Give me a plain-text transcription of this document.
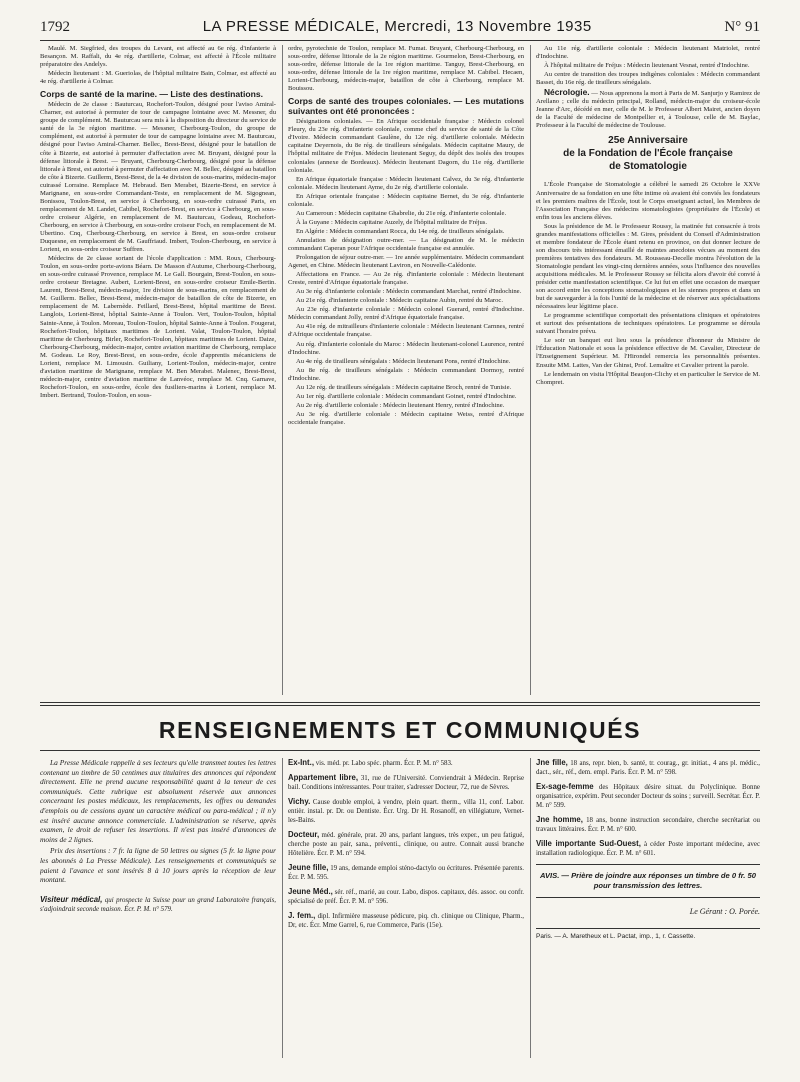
1792	LA PRESSE MÉDICALE, Mercredi, 13 Novembre 1935	N° 91

Maulé. M. Siegfried, des troupes du Levant, est affecté au 6e rég. d'infanterie à Besançon. M. Raffali, du 4e rég. d'artillerie, Colmar, est affecté à l'École militaire préparatoire des Andelys.

Médecin lieutenant : M. Gueriolas, de l'hôpital militaire Bain, Colmar, est affecté au 4e rég. d'artillerie à Colmar.

Corps de santé de la marine. — Liste des destinations.

Médecin de 2e classe : Bauturcau, Rochefort-Toulon, désigné pour l'aviso Amiral-Charner, est autorisé à permuter de tour de campagne lointaine avec M. Messner, du groupe de complément. M. Bauturcau sera mis à la disposition du directeur du service de santé de la 3e région maritime. — Messner, Cherbourg-Toulon, du groupe de complément, est autorisé à permuter de tour de campagne lointaine avec M. Bauturcau, désigné pour l'aviso Amiral-Charner. Bellec, Brest-Brest, désigné pour le bataillon de côte à Bizerte, est autorisé à permuter d'affectation avec M. Bruyant, désigné pour la défense littorale à Brest. — Bruyant, Cherbourg-Cherbourg, désigné pour la défense littorale à Brest, est autorisé à permuter d'affectation avec M. Bellec, désigné au bataillon de côte à Bizerte. Guillerm, Brest-Brest, de la 4e division de sous-marins, médecin-major cuirassé Lorraine. Remplace M. Hebraud. Ben Merabet, Bizerte-Brest, en service à Marignane, en sous-ordre Commandant-Teste, en remplacement de M. Sigognean, Bonissou, Toulon-Brest, en service à Cherbourg, en sous-ordre cuirassé Paris, en remplacement de M. Landet, Cabibel, Rochefort-Brest, en service à Cherbourg, en sous-ordre croiseur Algérie, en remplacement de M. Bauturcau, Godeau, Rochefort-Cherbourg, en service à Cherbourg, en sous-ordre croiseur Foch, en remplacement de M. Ubertino. Cnq, Cherbourg-Cherbourg, en service à Brest, en sous-ordre croiseur Duquesne, en remplacement de M. Gauffriaud. Imbert, Toulon-Cherbourg, en service à Lorient, en sous-ordre croiseur Suffren.

Médecins de 2e classe sortant de l'école d'application : MM. Roux, Cherbourg-Toulon, en sous-ordre porte-avions Béarn. De Masson d'Autume, Cherbourg-Cherbourg, en sous-ordre cuirassé Provence, remplace M. Le Gall. Bourgain, Brest-Toulon, en sous-ordre croiseur Bretagne. Aubert, Lorient-Brest, en sous-ordre croiseur Emile-Bertin. Laurent, Brest-Brest, médecin-major, 1re division de sous-marins, en remplacement de M. Guillerm. Bellec, Brest-Brest, médecin-major de bataillon de côte de Bizerte, en remplacement de M. Labernède. Feillard, Brest-Brest, hôpital maritime de Brest. Langlois, Lorient-Brest, hôpital Sainte-Anne à Toulon. Vert, Toulon-Toulon, hôpital Sainte-Anne, à Toulon. Moreau, Toulon-Toulon, hôpital Sainte-Anne à Toulon. Fougerat, Rochefort-Toulon, hôpitaux maritimes de Lorient. Valat, Toulon-Toulon, hôpital maritime de Cherbourg. Birler, Rochefort-Toulon, hôpitaux maritimes de Lorient. Daize, Cherbourg-Cherbourg, médecin-major, centre aviation maritime de Cherbourg, remplace M. Godeau. Le Roy, Brest-Brest, en sous-ordre, école d'apprentis mécaniciens de Lorient, remplace M. Limousin. Guiliany, Lorient-Toulon, médecin-major, centre d'aviation maritime de Marignane, remplace M. Ben Merabet. Malenec, Brest-Brest, médecin-major, centre d'aviation maritime de Lanvéoc, remplace M. Cnq. Garnave, Rochefort-Toulon, en sous-ordre, école des fusiliers-marins à Lorient, remplace M. Imbert. Bertrand, Toulon-Toulon, en sous-

ordre, pyrotechnie de Toulon, remplace M. Fumat. Bruyant, Cherbourg-Cherbourg, en sous-ordre, défense littorale de la 2e région maritime. Gourmelon, Brest-Cherbourg, en sous-ordre, défense littorale de la 1re région maritime. Tanguy, Brest-Cherbourg, en sous-ordre, défense littorale de la 1re région maritime, remplace M. Cabibel. Hecaen, Lorient-Cherbourg, médecin-major, bataillon de côte à Cherbourg, remplace M. Bouissou.

Corps de santé des troupes coloniales. — Les mutations suivantes ont été prononcées :

Désignations coloniales. — En Afrique occidentale française : Médecin colonel Fleury, du 23e rég. d'infanterie coloniale, comme chef du service de santé de la Côte d'Ivoire. Médecin commandant Gaulène, du 12e rég. d'artillerie coloniale. Médecin capitaine Deyernois, du 8e rég. de tirailleurs sénégalais. Médecin capitaine Maury, de l'hôpital militaire de Fréjus. Médecin lieutenant Seguy, du dépôt des isolés des troupes coloniales (annexe de Bordeaux). Médecin lieutenant Dagorn, du 11e rég. d'artillerie coloniale.

En Afrique équatoriale française : Médecin lieutenant Calvez, du 3e rég. d'infanterie coloniale. Médecin lieutenant Ayme, du 2e rég. d'artillerie coloniale.

En Afrique orientale française : Médecin capitaine Bernet, du 3e rég. d'infanterie coloniale.

Au Cameroun : Médecin capitaine Ghabrelie, du 21e rég. d'infanterie coloniale.

À la Guyane : Médecin capitaine Auzely, de l'hôpital militaire de Fréjus.

En Algérie : Médecin commandant Rocca, du 14e rég. de tirailleurs sénégalais.

Annulation de désignation outre-mer. — La désignation de M. le médecin commandant Caperan pour l'Afrique occidentale française est annulée.

Prolongation de séjour outre-mer. — 1re année supplémentaire. Médecin commandant Agenet, en Chine. Médecin lieutenant Laviron, en Nouvelle-Calédonie.

Affectations en France. — Au 2e rég. d'infanterie coloniale : Médecin lieutenant Creste, rentré d'Afrique équatoriale française.

Au 3e rég. d'infanterie coloniale : Médecin commandant Marchat, rentré d'Indochine.

Au 21e rég. d'infanterie coloniale : Médecin capitaine Aubin, rentré du Maroc.

Au 23e rég. d'infanterie coloniale : Médecin colonel Guerard, rentré d'Indochine. Médecin commandant Jolly, rentré d'Afrique équatoriale française.

Au 41e rég. de mitrailleurs d'infanterie coloniale : Médecin lieutenant Carnnes, rentré d'Afrique occidentale française.

Au rég. d'infanterie coloniale du Maroc : Médecin lieutenant-colonel Laurence, rentré d'Indochine.

Au 4e rég. de tirailleurs sénégalais : Médecin lieutenant Pons, rentré d'Indochine.

Au 8e rég. de tirailleurs sénégalais : Médecin commandant Dormoy, rentré d'Indochine.

Au 12e rég. de tirailleurs sénégalais : Médecin capitaine Broch, rentré de Tunisie.

Au 1er rég. d'artillerie coloniale : Médecin commandant Goinet, rentré d'Indochine.

Au 2e rég. d'artillerie coloniale : Médecin lieutenant Henry, rentré d'Indochine.

Au 3e rég. d'artillerie coloniale : Médecin capitaine Weiss, rentré d'Afrique occidentale française.

Au 11e rég. d'artillerie coloniale : Médecin lieutenant Matriolet, rentré d'Indochine.

À l'hôpital militaire de Fréjus : Médecin lieutenant Vesnat, rentré d'Indochine.

Au centre de transition des troupes indigènes coloniales : Médecin commandant Basset, du 16e rég. de tirailleurs sénégalais.

Nécrologie. — Nous apprenons la mort à Paris de M. Sanjurjo y Ramirez de Arellano ; celle du médecin principal, Rolland, médecin-major du croiseur-école Jeanne d'Arc, décédé en mer, celle de M. le Professeur Albert Mairet, ancien doyen de la Faculté de médecine de Montpellier et, à Toulouse, celle de M. Baylac, Professeur à la Faculté de médecine de Toulouse.

25e Anniversaire
de la Fondation de l'École française
de Stomatologie

L'École Française de Stomatologie a célébré le samedi 26 Octobre le XXVe Anniversaire de sa fondation en une fête intime où avaient été conviés les fondateurs et les premiers maîtres de l'École, tout le Corps enseignant actuel, les Membres de l'Association Française des médecins stomatologistes (propriétaire de l'École) et enfin tous les anciens élèves.

Sous la présidence de M. le Professeur Roussy, la matinée fut consacrée à trois grandes manifestations officielles : M. Gires, président du Conseil d'Administration et membre fondateur de l'École étant retenu en province, on dut donner lecture de son discours très intéressant émaillé de maintes anecdotes vécues au moment des premières tentatives des fondateurs. M. Rousseau-Decelle montra l'évolution de la Stomatologie pendant les vingt-cinq dernières années, sous l'influence des nouvelles acquisitions médicales. M. le Professeur Roussy se félicita alors d'avoir été convié à présider cette manifestation scientifique. Ce lui fut en effet une occasion de marquer son accord entre les conceptions stomatologiques et les siennes propres et dans un but de sauvegarder à la fois l'unité de la médecine et de réserver aux spécialisations nécessaires leur légitime place.

Le programme scientifique comportait des présentations cliniques et opératoires et surtout des présentations de techniques opératoires. Le programme se déroula suivant l'horaire prévu.

Le soir un banquet eut lieu sous la présidence d'honneur du Ministre de l'Éducation Nationale et sous la présidence effective de M. Cavalier, Directeur de l'Enseignement Supérieur. M. l'Hirondel remercia les personnalités présentes. Ensuite MM. Lattes, Van der Ghinst, Prof. Lemaître et Cavalier prirent la parole.

Le lendemain on visita l'Hôpital Beaujon-Clichy et en particulier le Service de M. Chompret.

RENSEIGNEMENTS ET COMMUNIQUÉS

La Presse Médicale rappelle à ses lecteurs qu'elle transmet toutes les lettres contenant un timbre de 50 centimes aux titulaires des annonces qui répondent directement. Elle ne prend aucune responsabilité quant à la teneur de ces communiqués. Cette rubrique est absolument réservée aux annonces concernant les postes médicaux, les remplacements, les offres ou demandes d'emplois ou de cessions ayant un caractère médical ou para-médical ; il n'y est inséré aucune annonce commerciale. L'administration se réserve, après examen, le droit de refuser les insertions. Il n'est pas inséré d'annonces de moins de 2 lignes.

Prix des insertions : 7 fr. la ligne de 50 lettres ou signes (5 fr. la ligne pour les abonnés à La Presse Médicale). Les renseignements et communiqués se paient à l'avance et sont insérés 8 à 10 jours après la réception de leur montant.

Visiteur médical, qui prospecte la Suisse pour un grand Laboratoire français, s'adjoindrait seconde maison. Écr. P. M. n° 579.
Ex-Int., vis. méd. pr. Labo spéc. pharm. Écr. P. M. n° 583.
Appartement libre, 31, rue de l'Université. Conviendrait à Médecin. Reprise bail. Conditions intéressantes. Pour traiter, s'adresser Docteur, 72, rue de Sèvres.
Vichy. Cause double emploi, à vendre, plein quart. therm., villa 11, conf. Labor. entièr. instal. pr. Dr. ou Dentiste. Écr. Urg. Dr H. Rosanoff, en villégiature, Vernet-les-Bains.
Docteur, méd. générale, prat. 20 ans, parlant langues, très exper., un peu fatigué, cherche poste au pair, sana., préventi., clinique, ou autre. Connait aussi branche Hôtelière. Écr. P. M. n° 594.
Jeune fille, 19 ans, demande emploi sténo-dactylo ou écritures. Présentée parents. Écr. P. M. 595.
Jeune Méd., sér. réf., marié, au cour. Labo, dispos. capitaux, dés. assoc. ou confr. spécialisé de préf. Écr. P. M. n° 596.
J. fem., dipl. Infirmière masseuse pédicure, piq. ch. clinique ou Clinique, Pharm., Dr, etc. Écr. Mme Garrel, 6, rue Commerce, Paris (15e).
Jne fille, 18 ans, repr. bien, b. santé, tr. courag., gr. initiat., 4 ans pl. médic., dact., sér., réf., dem. empl. Paris. Écr. P. M. n° 598.
Ex-sage-femme des Hôpitaux désire situat. du Polyclinique. Bonne organisatrice, expérim. Peut seconder Docteur ds soins ; surveill. Secrétar. Écr. P. M. n° 599.
Jne homme, 18 ans, bonne instruction secondaire, cherche secrétariat ou travaux littéraires. Écr. P. M. n° 600.
Ville importante Sud-Ouest, à céder Poste important médecine, avec installation radiologique. Écr. P. M. n° 601.
AVIS. — Prière de joindre aux réponses un timbre de 0 fr. 50 pour transmission des lettres.
Le Gérant : O. Porée.
Paris. — A. Maretheux et L. Pactat, imp., 1, r. Cassette.
